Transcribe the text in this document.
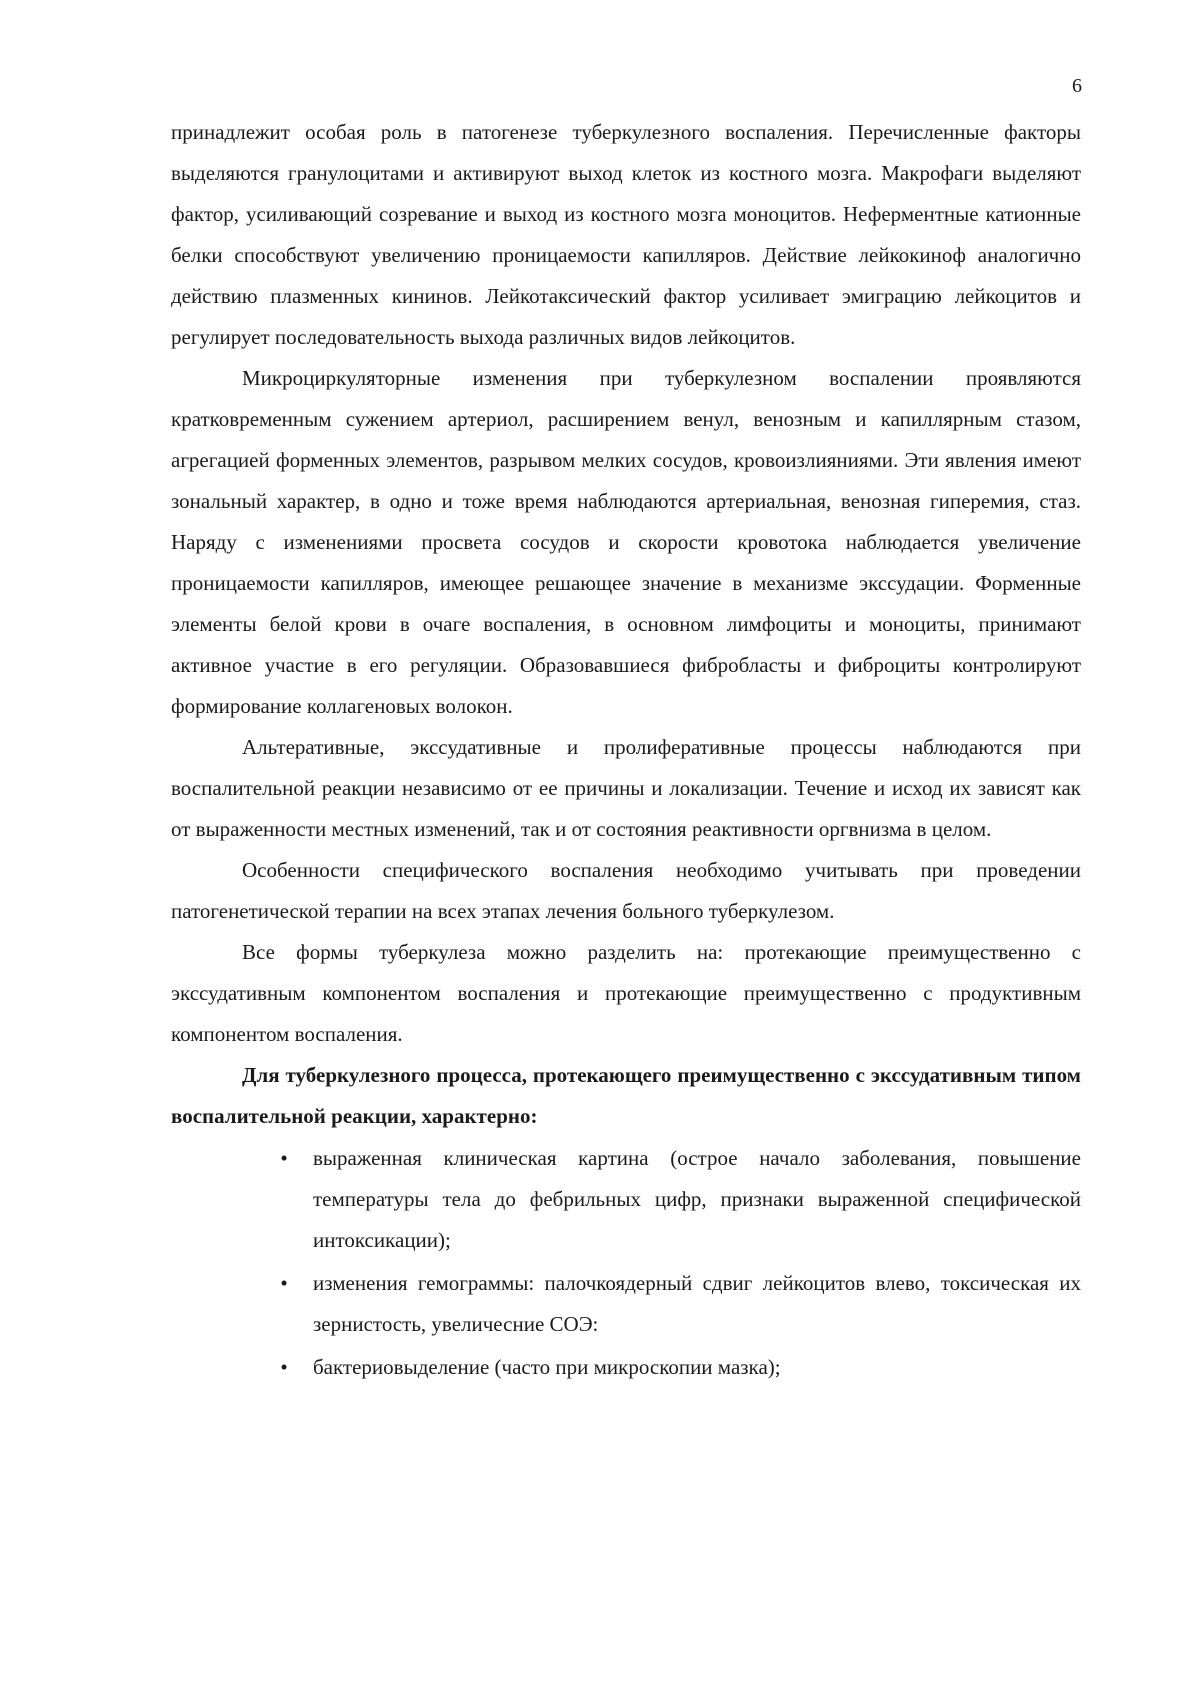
6

принадлежит особая роль в патогенезе туберкулезного воспаления. Перечисленные факторы выделяются гранулоцитами и активируют выход клеток из костного мозга. Макрофаги выделяют фактор, усиливающий созревание и выход из костного мозга моноцитов. Неферментные катионные белки способствуют увеличению проницаемости капилляров. Действие лейкокиноф аналогично действию плазменных кининов. Лейкотаксический фактор усиливает эмиграцию лейкоцитов и регулирует последовательность выхода различных видов лейкоцитов.

Микроциркуляторные изменения при туберкулезном воспалении проявляются кратковременным сужением артериол, расширением венул, венозным и капиллярным стазом, агрегацией форменных элементов, разрывом мелких сосудов, кровоизлияниями. Эти явления имеют зональный характер, в одно и тоже время наблюдаются артериальная, венозная гиперемия, стаз. Наряду с изменениями просвета сосудов и скорости кровотока наблюдается увеличение проницаемости капилляров, имеющее решающее значение в механизме экссудации. Форменные элементы белой крови в очаге воспаления, в основном лимфоциты и моноциты, принимают активное участие в его регуляции. Образовавшиеся фибробласты и фиброциты контролируют формирование коллагеновых волокон.

Альтеративные, экссудативные и пролиферативные процессы наблюдаются при воспалительной реакции независимо от ее причины и локализации. Течение и исход их зависят как от выраженности местных изменений, так и от состояния реактивности оргвнизма в целом.

Особенности специфического воспаления необходимо учитывать при проведении патогенетической терапии на всех этапах лечения больного туберкулезом.

Все формы туберкулеза можно разделить на: протекающие преимущественно с экссудативным компонентом воспаления и протекающие преимущественно с продуктивным компонентом воспаления.

Для туберкулезного процесса, протекающего преимущественно с экссудативным типом воспалительной реакции, характерно:

• выраженная клиническая картина (острое начало заболевания, повышение температуры тела до фебрильных цифр, признаки выраженной специфической интоксикации);
• изменения гемограммы: палочкоядерный сдвиг лейкоцитов влево, токсическая их зернистость, увеличесние СОЭ:
• бактериовыделение (часто при микроскопии мазка);
